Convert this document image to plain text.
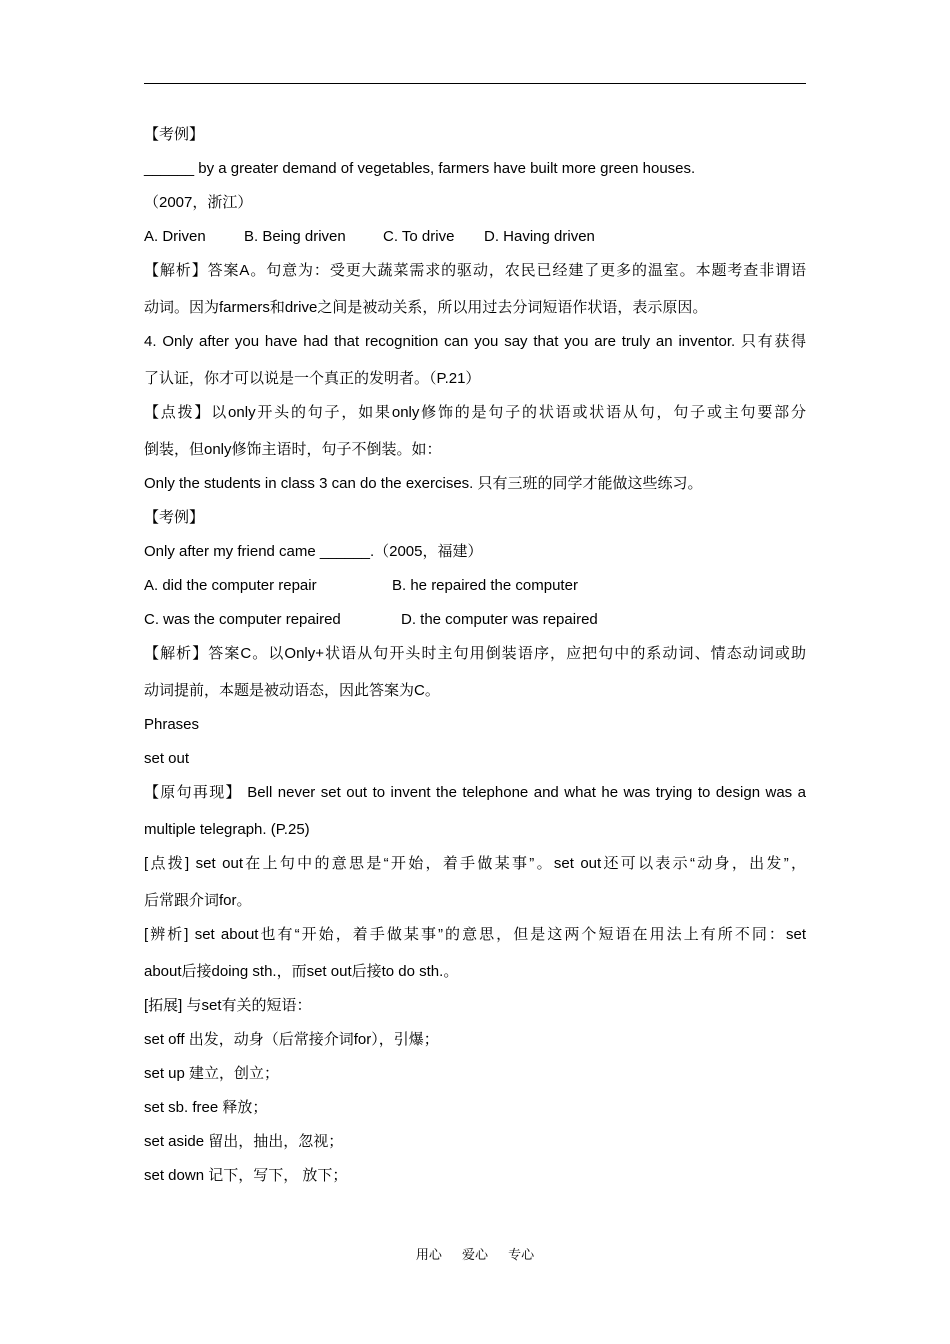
【考例】

______ by a greater demand of vegetables, farmers have built more green houses.

（2007，浙江）

A. Driven	B. Being driven	C. To drive	D. Having driven

【解析】答案A。句意为：受更大蔬菜需求的驱动，农民已经建了更多的温室。本题考查非谓语

动词。因为farmers和drive之间是被动关系，所以用过去分词短语作状语，表示原因。

4. Only after you have had that recognition can you say that you are truly an inventor. 只有获得

了认证，你才可以说是一个真正的发明者。（P.21）

【点拨】以only开头的句子，如果only修饰的是句子的状语或状语从句，句子或主句要部分

倒装，但only修饰主语时，句子不倒装。如：

Only the students in class 3 can do the exercises. 只有三班的同学才能做这些练习。

【考例】

Only after my friend came ______.（2005，福建）

A. did the computer repair	B. he repaired the computer
C. was the computer repaired	D. the computer was repaired

【解析】答案C。以Only+状语从句开头时主句用倒装语序，应把句中的系动词、情态动词或助

动词提前，本题是被动语态，因此答案为C。

Phrases

set out

【原句再现】 Bell never set out to invent the telephone and what he was trying to design was a

multiple telegraph. (P.25)

[点拨] set out在上句中的意思是“开始，着手做某事”。set out还可以表示“动身，出发”，

后常跟介词for。

[辨析] set about也有“开始，着手做某事”的意思，但是这两个短语在用法上有所不同：set

about后接doing sth.，而set out后接to do sth.。

[拓展] 与set有关的短语：

set off 出发，动身（后常接介词for），引爆；

set up 建立，创立；

set sb. free 释放；

set aside 留出，抽出，忽视；

set down 记下，写下， 放下；

用心 爱心 专心
